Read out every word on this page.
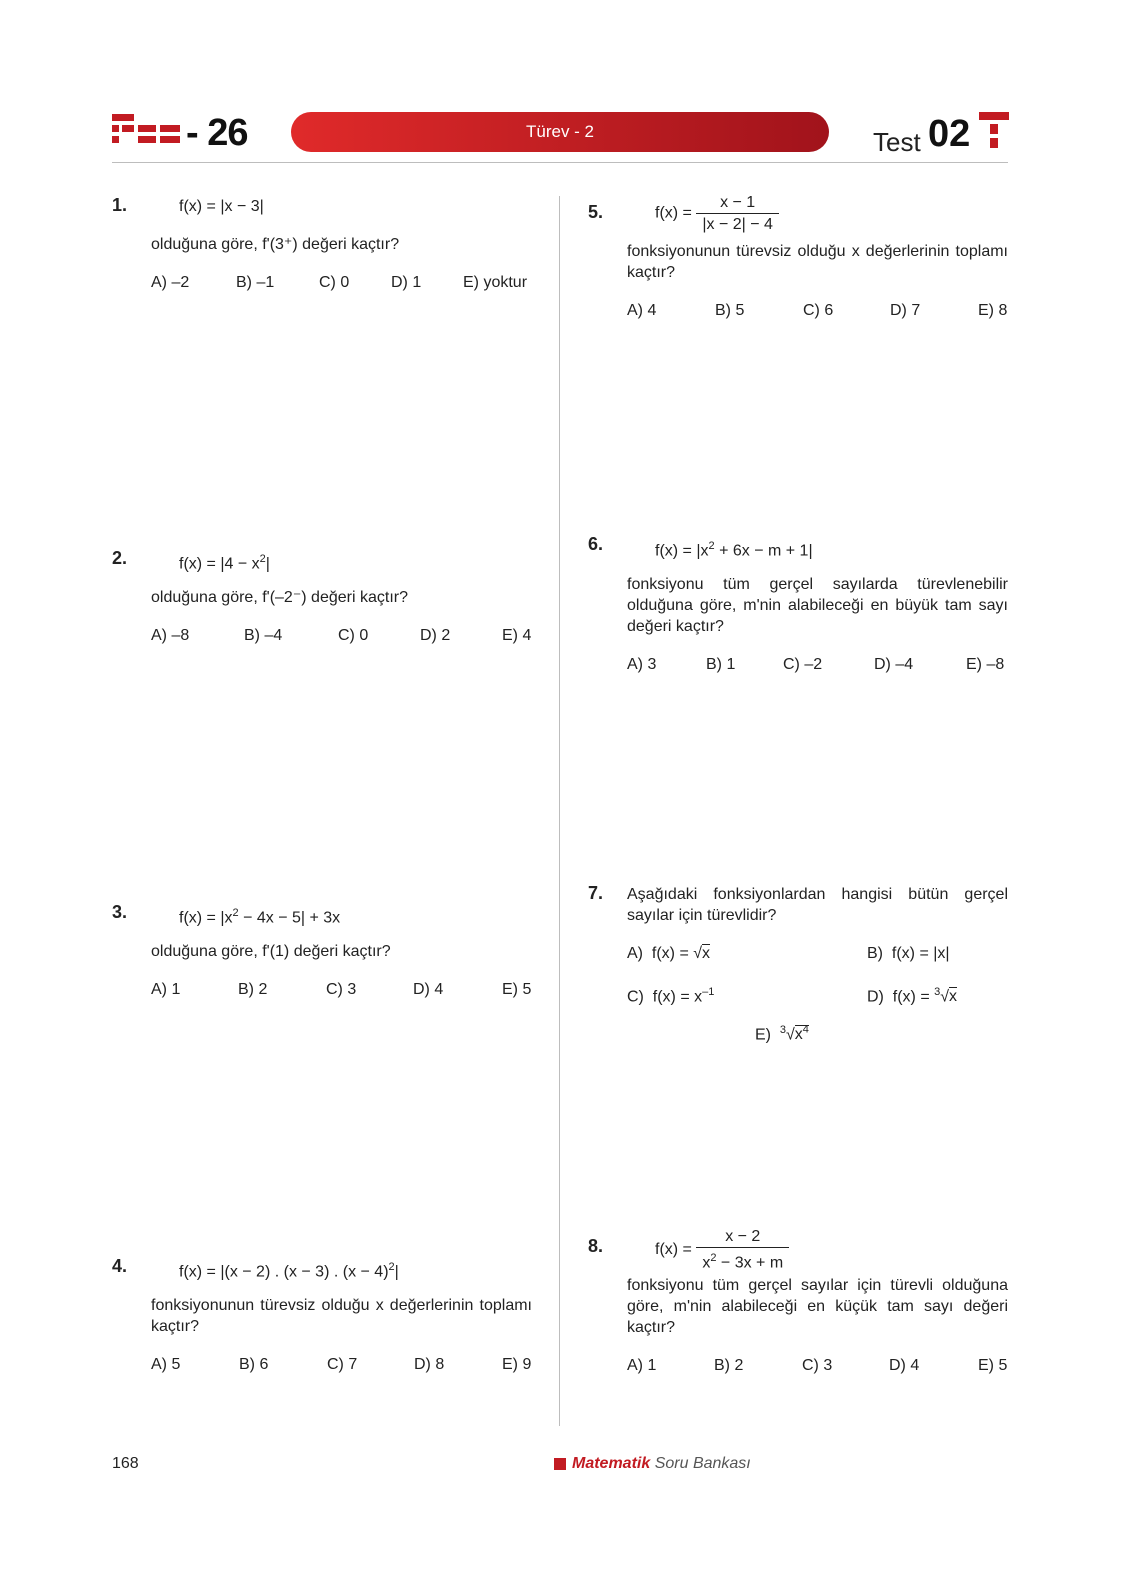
- 26	Türev - 2	Test 02
1.	f(x) = |x − 3|
olduğuna göre, f'(3⁺) değeri kaçtır?
A) –2	B) –1	C) 0	D) 1	E) yoktur
2.	$f(x) = |4 - x^2|$
olduğuna göre, f'(–2⁻) değeri kaçtır?
A) –8	B) –4	C) 0	D) 2	E) 4
3.	$f(x) = |x^2 - 4x - 5| + 3x$
olduğuna göre, f'(1) değeri kaçtır?
A) 1	B) 2	C) 3	D) 4	E) 5
4.	f(x) = |(x − 2) . (x − 3) . $(x - 4)^2|$
fonksiyonunun türevsiz olduğu x değerlerinin toplamı kaçtır?
A) 5	B) 6	C) 7	D) 8	E) 9
5.	$f(x) = \frac{x - 1}{|x - 2| - 4}$
fonksiyonunun türevsiz olduğu x değerlerinin toplamı kaçtır?
A) 4	B) 5	C) 6	D) 7	E) 8
6.	$f(x) = |x^2 + 6x - m + 1|$
fonksiyonu tüm gerçel sayılarda türevlenebilir olduğuna göre, m'nin alabileceği en büyük tam sayı değeri kaçtır?
A) 3	B) 1	C) –2	D) –4	E) –8
7. Aşağıdaki fonksiyonlardan hangisi bütün gerçel sayılar için türevlidir?
A) f(x) = √x	B) f(x) = |x|
C) $f(x) = x^{-1}$	D) f(x) = $^3$√x
E) $^3√x^4$
8.	$f(x) = \frac{x - 2}{x^2 - 3x + m}$
fonksiyonu tüm gerçel sayılar için türevli olduğuna göre, m'nin alabileceği en küçük tam sayı değeri kaçtır?
A) 1	B) 2	C) 3	D) 4	E) 5
168	Matematik Soru Bankası
